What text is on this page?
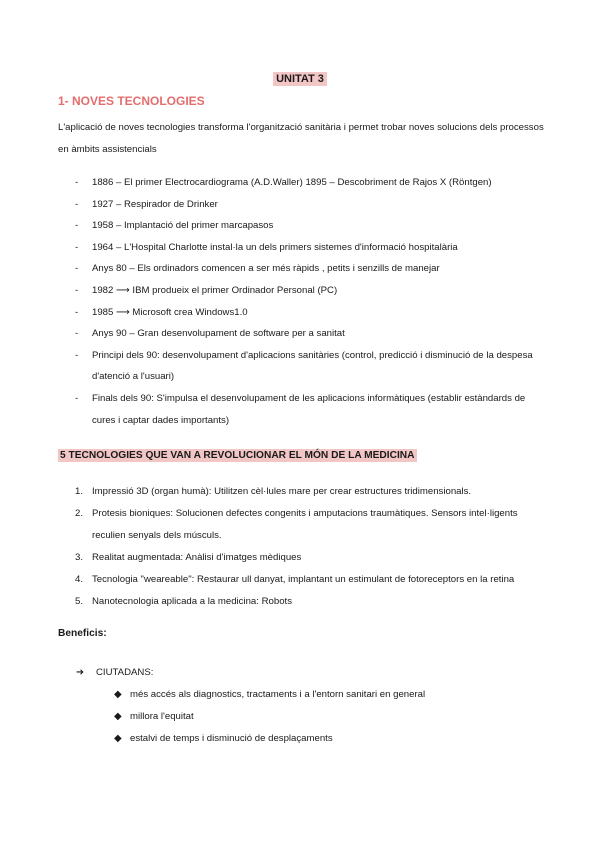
UNITAT 3
1- NOVES TECNOLOGIES

L'aplicació de noves tecnologies transforma l'organització sanitària i permet trobar noves solucions dels processos en àmbits assistencials

- 1886 – El primer Electrocardiograma (A.D.Waller) 1895 – Descobriment de Rajos X (Röntgen)
- 1927 – Respirador de Drinker
- 1958 – Implantació del primer marcapasos
- 1964 – L'Hospital Charlotte instal·la un dels primers sistemes d'informació hospitalària
- Anys 80 – Els ordinadors comencen a ser més ràpids , petits i senzills de manejar
- 1982 ⟶ IBM produeix el primer Ordinador Personal (PC)
- 1985 ⟶ Microsoft crea Windows1.0
- Anys 90 – Gran desenvolupament de software per a sanitat
- Principi dels 90: desenvolupament d'aplicacions sanitàries (control, predicció i disminució de la despesa d'atenció a l'usuari)
- Finals dels 90: S'impulsa el desenvolupament de les aplicacions informàtiques (establir estàndards de cures i captar dades importants)
5 TECNOLOGIES QUE VAN A REVOLUCIONAR EL MÓN DE LA MEDICINA
1. Impressió 3D (organ humà): Utilitzen cèl·lules mare per crear estructures tridimensionals.
2. Protesis bioniques: Solucionen defectes congenits i amputacions traumàtiques. Sensors intel·ligents reculien senyals dels músculs.
3. Realitat augmentada: Anàlisi d'imatges mèdiques
4. Tecnologia "weareable": Restaurar ull danyat, implantant un estimulant de fotoreceptors en la retina
5. Nanotecnologia aplicada a la medicina: Robots
Beneficis:
➔ CIUTADANS:
◆ més accés als diagnostics, tractaments i a l'entorn sanitari en general
◆ millora l'equitat
◆ estalvi de temps i disminució de desplaçaments
